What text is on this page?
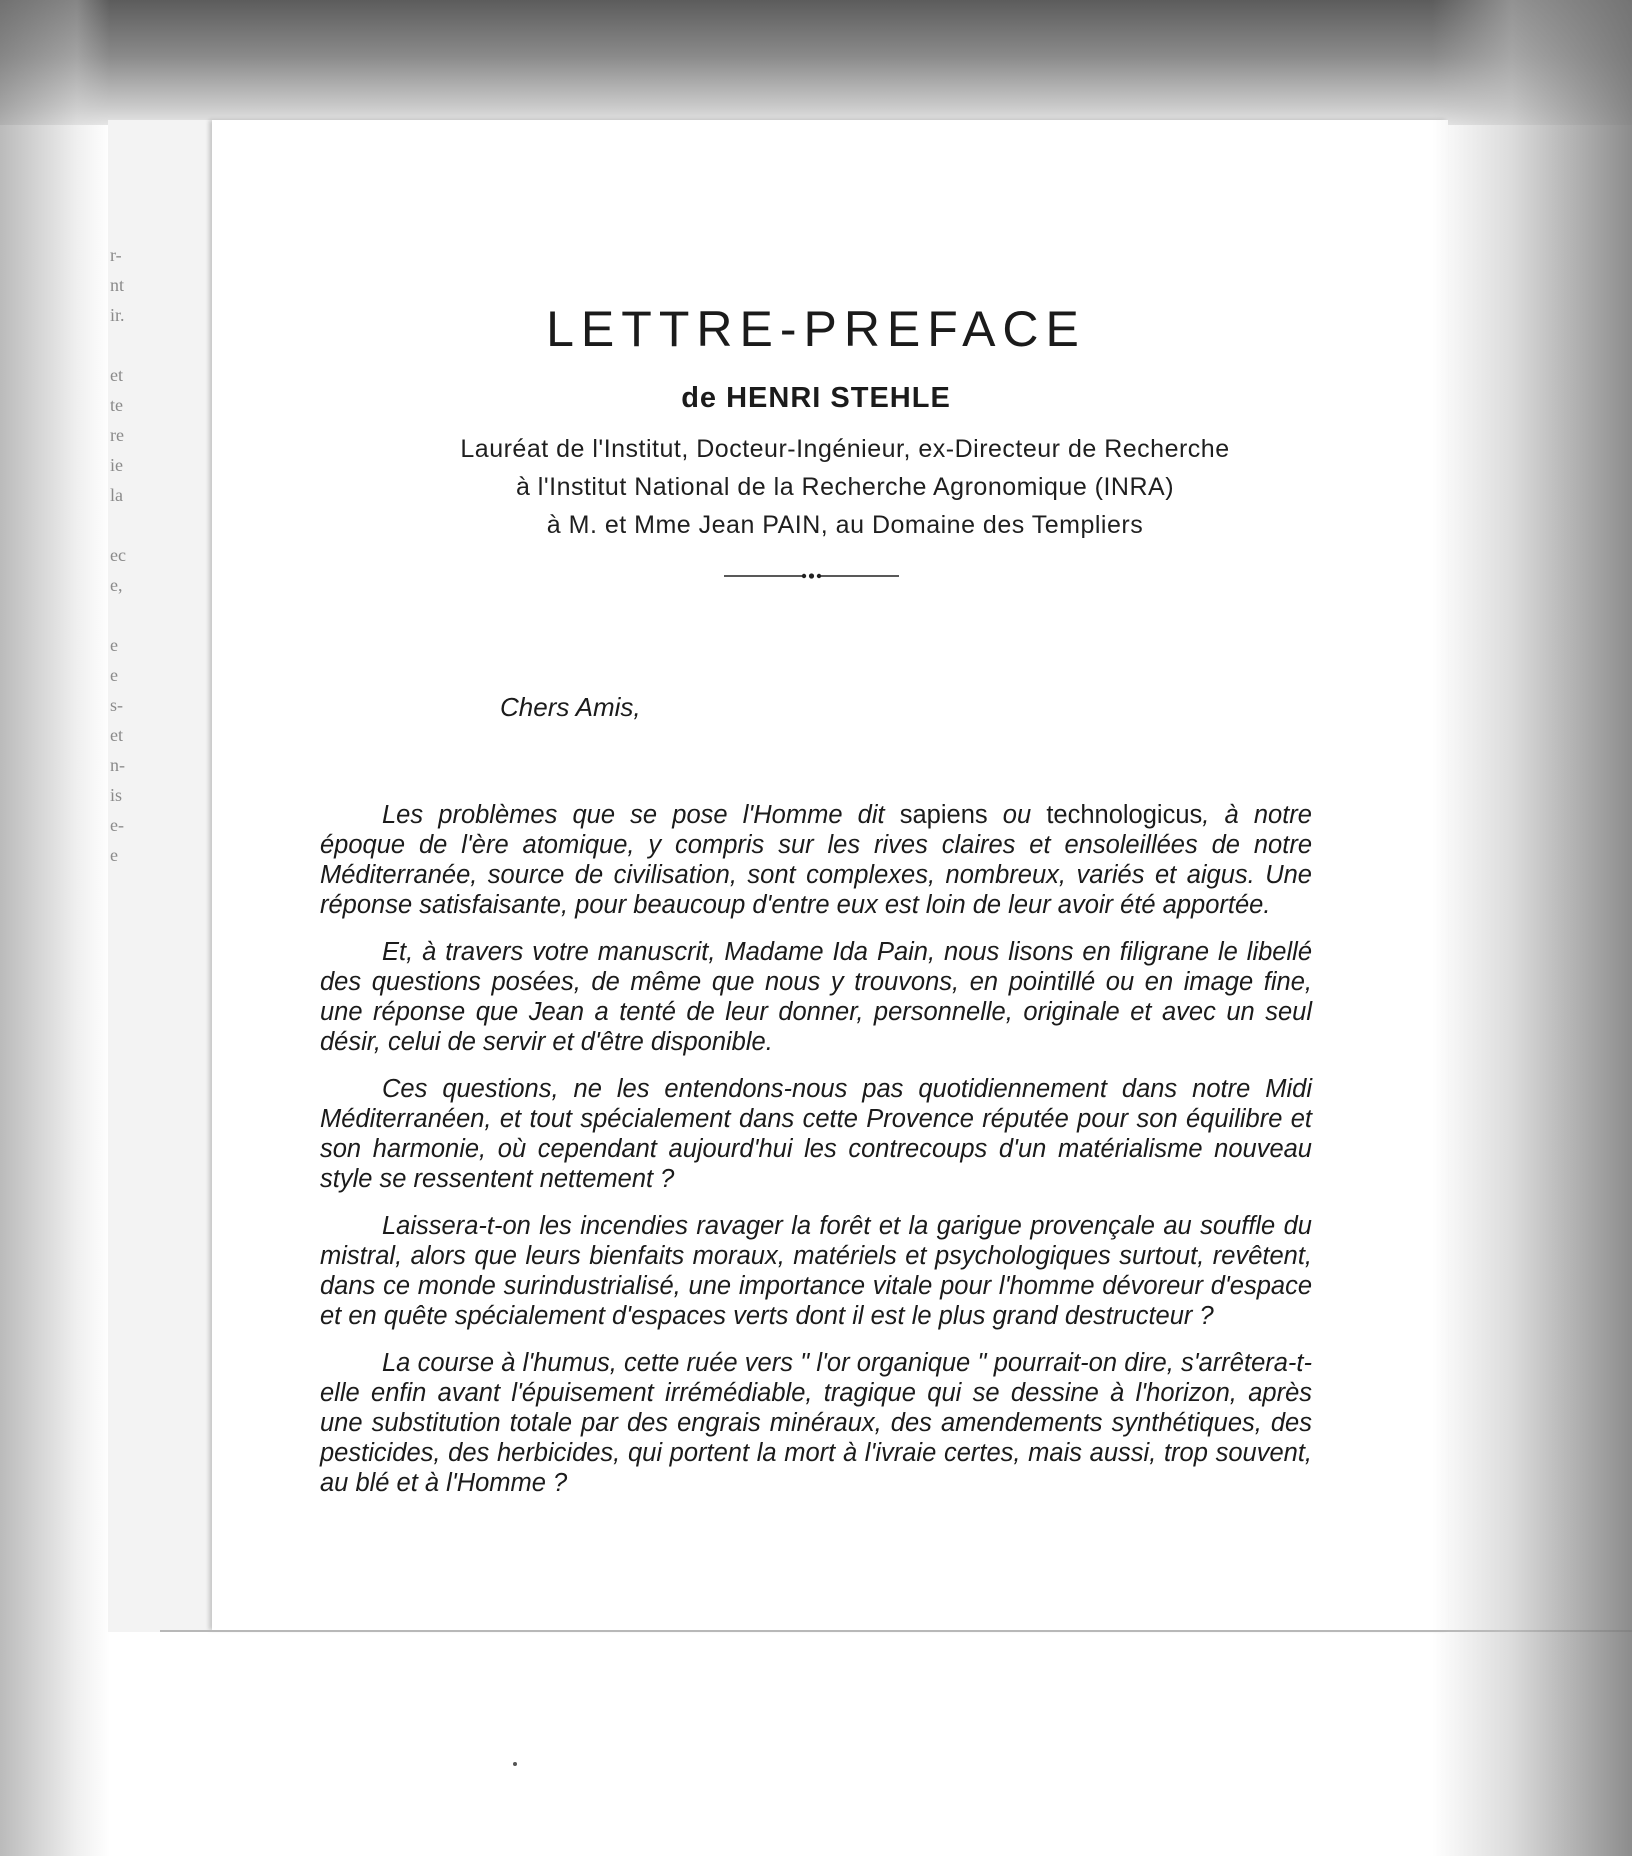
r-
nt
ir.
et
te
re
ie
la
ec
e,
e
e
s-
et
n-
is
e-
e
LETTRE-PREFACE
de HENRI STEHLE
Lauréat de l'Institut, Docteur-Ingénieur, ex-Directeur de Recherche
à l'Institut National de la Recherche Agronomique (INRA)
à M. et Mme Jean PAIN, au Domaine des Templiers
Chers Amis,

Les problèmes que se pose l'Homme dit sapiens ou technologicus, à notre époque de l'ère atomique, y compris sur les rives claires et ensoleillées de notre Méditerranée, source de civilisation, sont complexes, nombreux, variés et aigus. Une réponse satisfaisante, pour beaucoup d'entre eux est loin de leur avoir été apportée.

Et, à travers votre manuscrit, Madame Ida Pain, nous lisons en filigrane le libellé des questions posées, de même que nous y trouvons, en pointillé ou en image fine, une réponse que Jean a tenté de leur donner, personnelle, originale et avec un seul désir, celui de servir et d'être disponible.

Ces questions, ne les entendons-nous pas quotidiennement dans notre Midi Méditerranéen, et tout spécialement dans cette Provence réputée pour son équilibre et son harmonie, où cependant aujourd'hui les contrecoups d'un matérialisme nouveau style se ressentent nettement ?

Laissera-t-on les incendies ravager la forêt et la garigue provençale au souffle du mistral, alors que leurs bienfaits moraux, matériels et psychologiques surtout, revêtent, dans ce monde surindustrialisé, une importance vitale pour l'homme dévoreur d'espace et en quête spécialement d'espaces verts dont il est le plus grand destructeur ?

La course à l'humus, cette ruée vers " l'or organique " pourrait-on dire, s'arrêtera-t-elle enfin avant l'épuisement irrémédiable, tragique qui se dessine à l'horizon, après une substitution totale par des engrais minéraux, des amendements synthétiques, des pesticides, des herbicides, qui portent la mort à l'ivraie certes, mais aussi, trop souvent, au blé et à l'Homme ?
